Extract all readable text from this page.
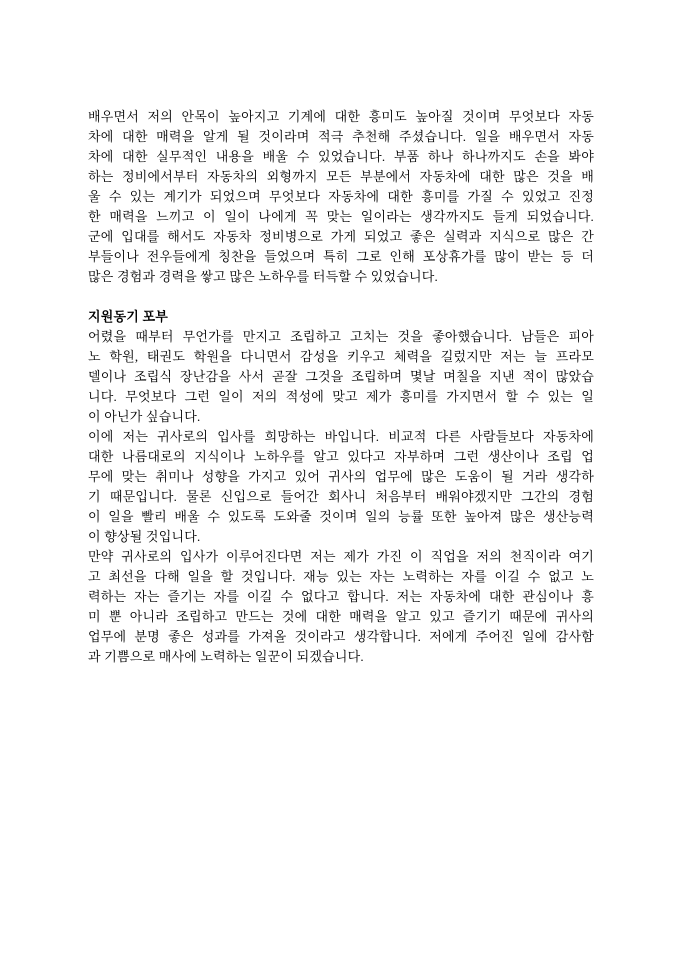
배우면서 저의 안목이 높아지고 기계에 대한 흥미도 높아질 것이며 무엇보다 자동
차에 대한 매력을 알게 될 것이라며 적극 추천해 주셨습니다. 일을 배우면서 자동
차에 대한 실무적인 내용을 배울 수 있었습니다. 부품 하나 하나까지도 손을 봐야
하는 정비에서부터 자동차의 외형까지 모든 부분에서 자동차에 대한 많은 것을 배
울 수 있는 계기가 되었으며 무엇보다 자동차에 대한 흥미를 가질 수 있었고 진정
한 매력을 느끼고 이 일이 나에게 꼭 맞는 일이라는 생각까지도 들게 되었습니다.
군에 입대를 해서도 자동차 정비병으로 가게 되었고 좋은 실력과 지식으로 많은 간
부들이나 전우들에게 칭찬을 들었으며 특히 그로 인해 포상휴가를 많이 받는 등 더
많은 경험과 경력을 쌓고 많은 노하우를 터득할 수 있었습니다.
지원동기 포부
어렸을 때부터 무언가를 만지고 조립하고 고치는 것을 좋아했습니다. 남들은 피아
노 학원, 태권도 학원을 다니면서 감성을 키우고 체력을 길렀지만 저는 늘 프라모
델이나 조립식 장난감을 사서 곧잘 그것을 조립하며 몇날 며칠을 지낸 적이 많았습
니다. 무엇보다 그런 일이 저의 적성에 맞고 제가 흥미를 가지면서 할 수 있는 일
이 아닌가 싶습니다.
이에 저는 귀사로의 입사를 희망하는 바입니다. 비교적 다른 사람들보다 자동차에
대한 나름대로의 지식이나 노하우를 알고 있다고 자부하며 그런 생산이나 조립 업
무에 맞는 취미나 성향을 가지고 있어 귀사의 업무에 많은 도움이 될 거라 생각하
기 때문입니다. 물론 신입으로 들어간 회사니 처음부터 배워야겠지만 그간의 경험
이 일을 빨리 배울 수 있도록 도와줄 것이며 일의 능률 또한 높아져 많은 생산능력
이 향상될 것입니다.
만약 귀사로의 입사가 이루어진다면 저는 제가 가진 이 직업을 저의 천직이라 여기
고 최선을 다해 일을 할 것입니다. 재능 있는 자는 노력하는 자를 이길 수 없고 노
력하는 자는 즐기는 자를 이길 수 없다고 합니다. 저는 자동차에 대한 관심이나 흥
미 뿐 아니라 조립하고 만드는 것에 대한 매력을 알고 있고 즐기기 때문에 귀사의
업무에 분명 좋은 성과를 가져올 것이라고 생각합니다. 저에게 주어진 일에 감사함
과 기쁨으로 매사에 노력하는 일꾼이 되겠습니다.
